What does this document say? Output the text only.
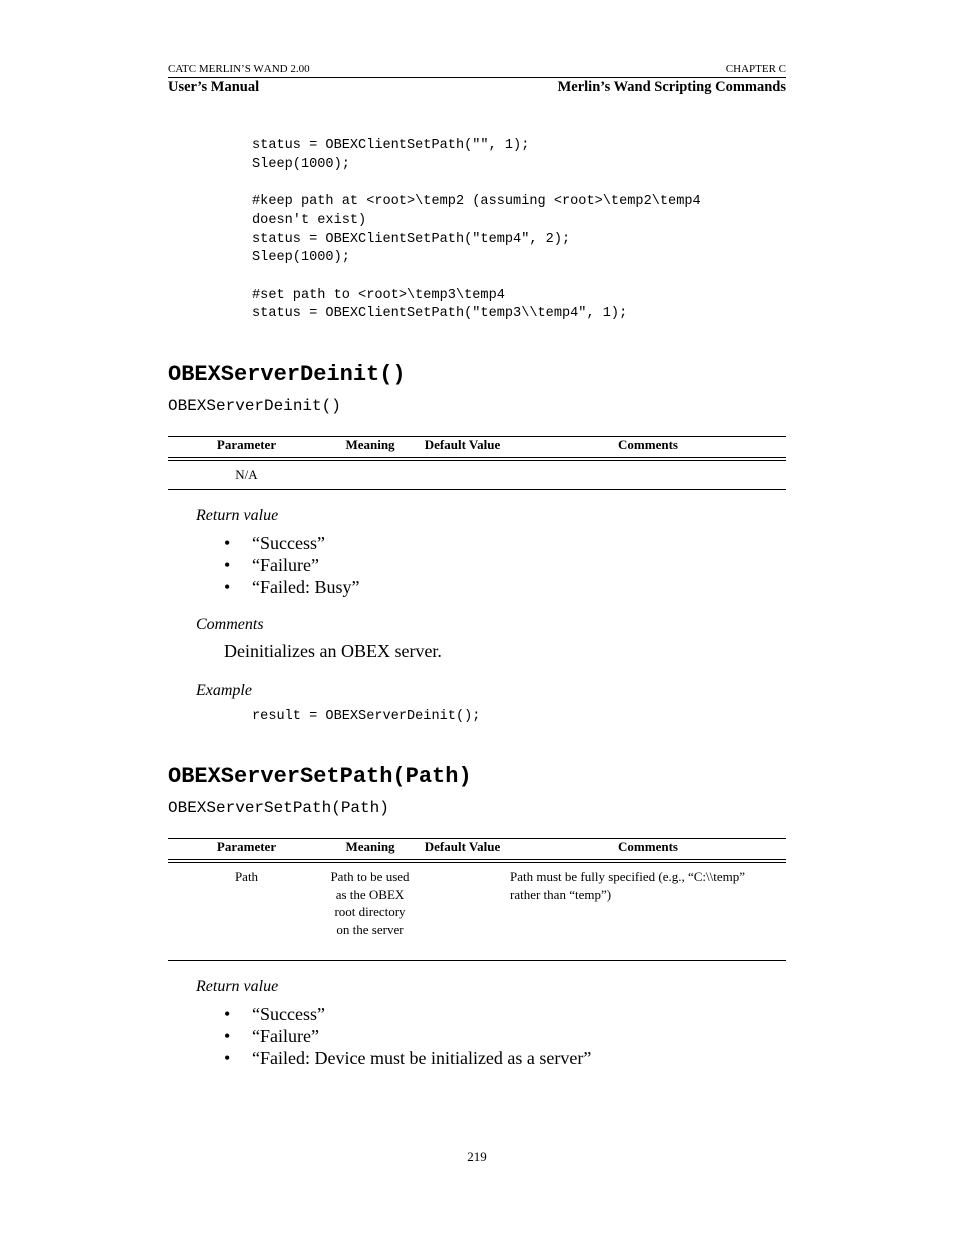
CATC MERLIN’S WAND 2.00	CHAPTER C
User’s Manual	Merlin’s Wand Scripting Commands
status = OBEXClientSetPath("", 1);
Sleep(1000);

#keep path at <root>\temp2 (assuming <root>\temp2\temp4
doesn't exist)
status = OBEXClientSetPath("temp4", 2);
Sleep(1000);

#set path to <root>\temp3\temp4
status = OBEXClientSetPath("temp3\\temp4", 1);
OBEXServerDeinit()
OBEXServerDeinit()
Parameter	Meaning	Default Value	Comments
N/A			
Return value
• “Success”
• “Failure”
• “Failed: Busy”
Comments
Deinitializes an OBEX server.
Example
result = OBEXServerDeinit();
OBEXServerSetPath(Path)
OBEXServerSetPath(Path)
Parameter	Meaning	Default Value	Comments
Path	Path to be used as the OBEX root directory on the server		Path must be fully specified (e.g., “C:\\temp” rather than “temp”)
Return value
• “Success”
• “Failure”
• “Failed: Device must be initialized as a server”
219
